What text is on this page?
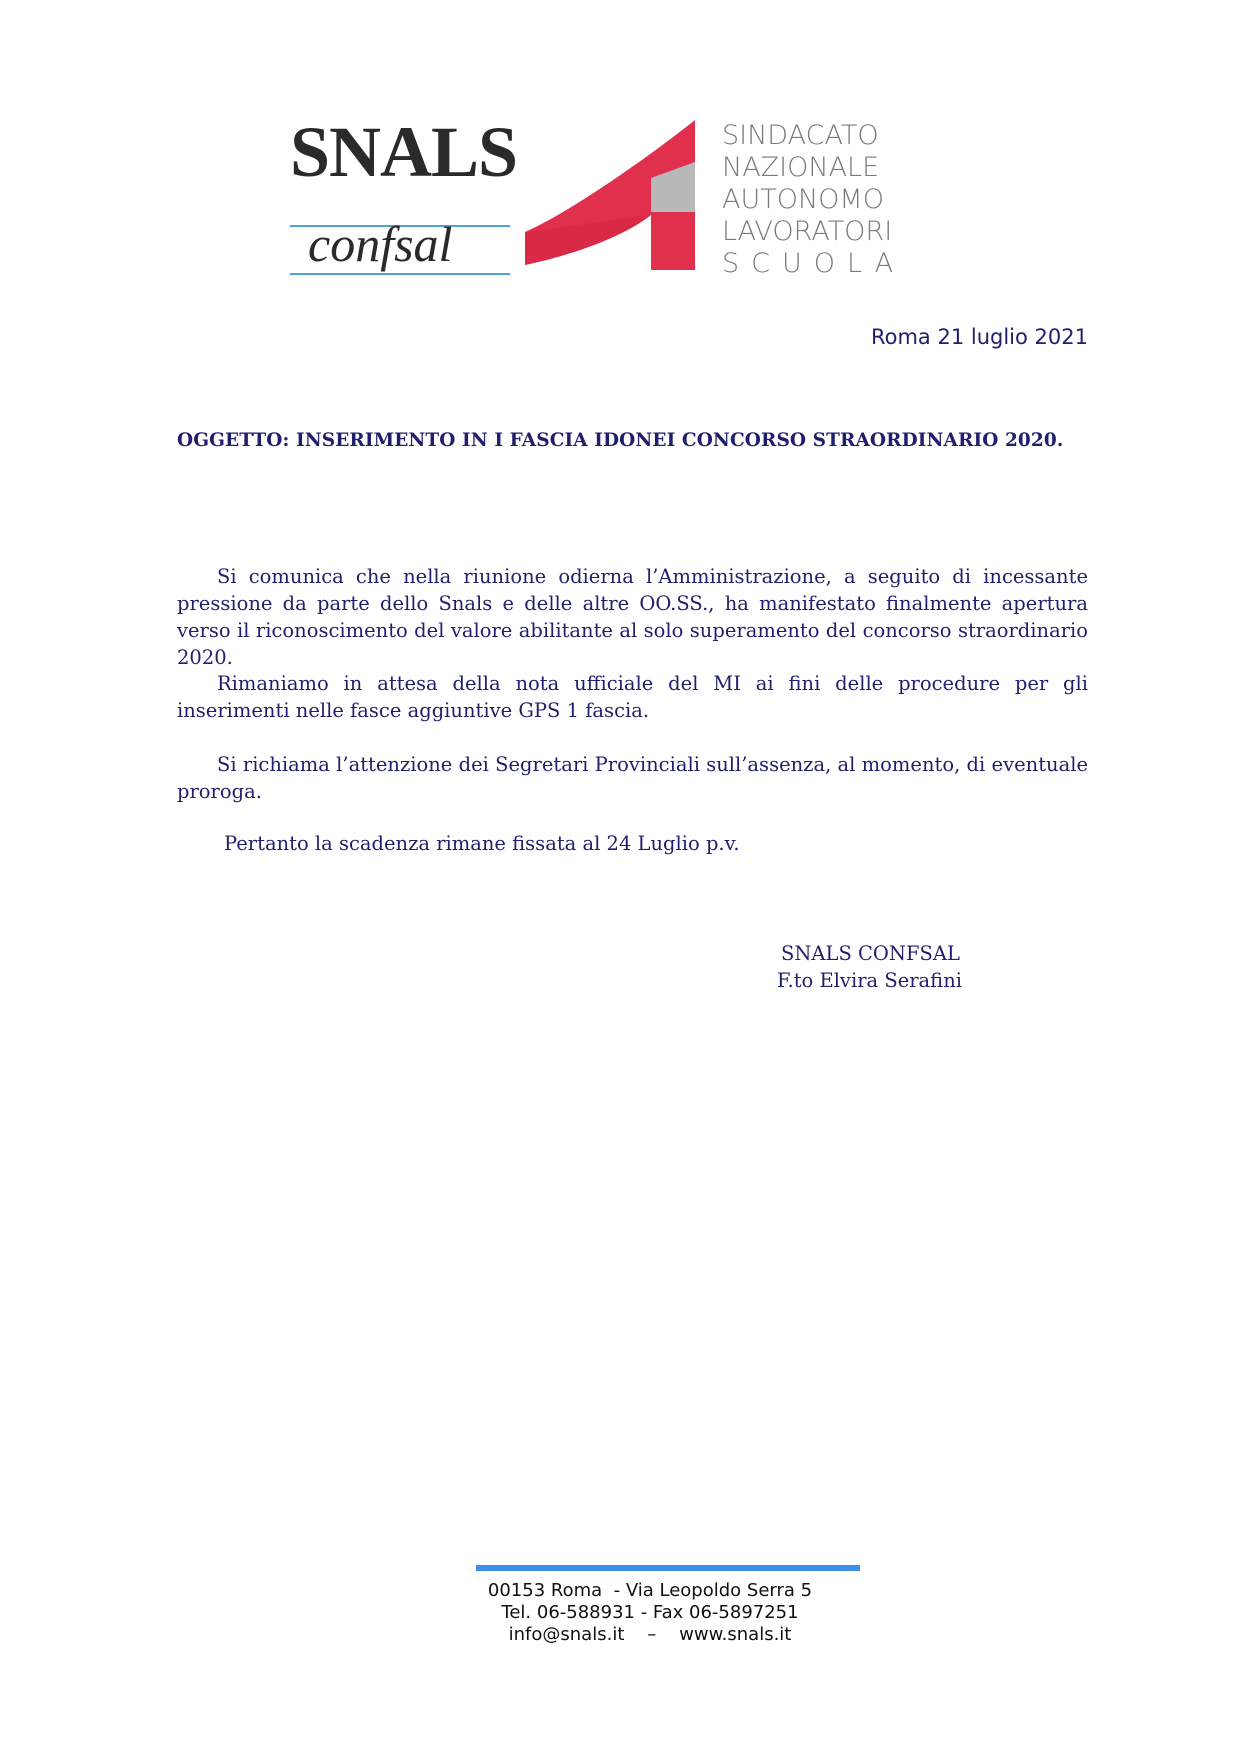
SNALS
confsal
SINDACATO
NAZIONALE
AUTONOMO
LAVORATORI
SCUOLA
Roma 21 luglio 2021
OGGETTO: INSERIMENTO IN I FASCIA IDONEI CONCORSO STRAORDINARIO 2020.

Si comunica che nella riunione odierna l’Amministrazione, a seguito di incessante pressione da parte dello Snals e delle altre OO.SS., ha manifestato finalmente apertura verso il riconoscimento del valore abilitante al solo superamento del concorso straordinario 2020.

Rimaniamo in attesa della nota ufficiale del MI ai fini delle procedure per gli inserimenti nelle fasce aggiuntive GPS 1 fascia.

Si richiama l’attenzione dei Segretari Provinciali sull’assenza, al momento, di eventuale proroga.

Pertanto la scadenza rimane fissata al 24 Luglio p.v.

SNALS CONFSAL
F.to Elvira Serafini
00153 Roma  - Via Leopoldo Serra 5
Tel. 06-588931 - Fax 06-5897251
info@snals.it    –    www.snals.it
